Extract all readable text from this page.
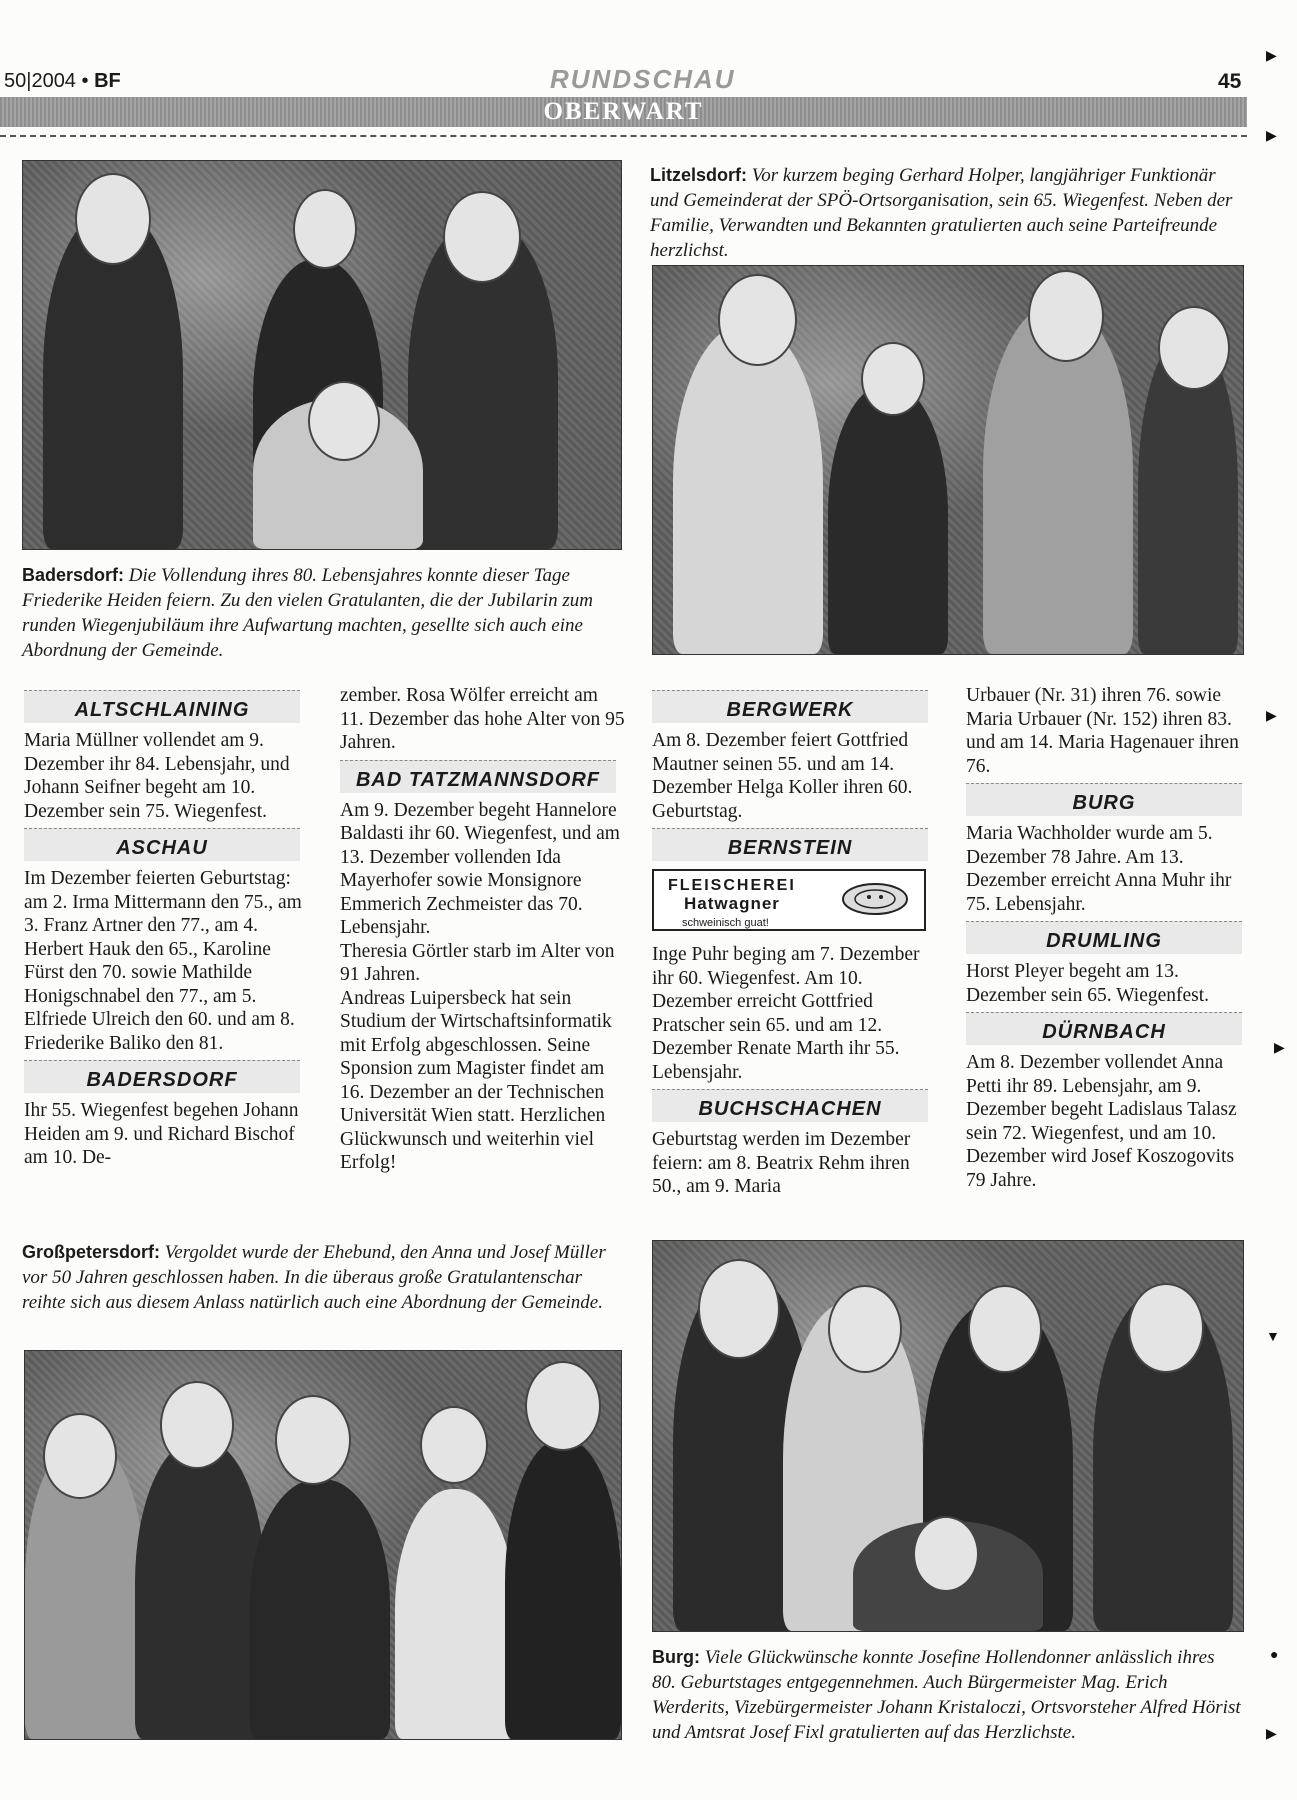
50|2004 • BF	RUNDSCHAU	45
OBERWART
Badersdorf: Die Vollendung ihres 80. Lebensjahres konnte dieser Tage Friederike Heiden feiern. Zu den vielen Gratulanten, die der Jubilarin zum runden Wiegenjubiläum ihre Aufwartung machten, gesellte sich auch eine Abordnung der Gemeinde.
Litzelsdorf: Vor kurzem beging Gerhard Holper, langjähriger Funktionär und Gemeinderat der SPÖ-Ortsorganisation, sein 65. Wiegenfest. Neben der Familie, Verwandten und Bekannten gratulierten auch seine Parteifreunde herzlichst.
ALTSCHLAINING

Maria Müllner vollendet am 9. Dezember ihr 84. Lebensjahr, und Johann Seifner begeht am 10. Dezember sein 75. Wiegenfest.

ASCHAU

Im Dezember feierten Geburtstag: am 2. Irma Mittermann den 75., am 3. Franz Artner den 77., am 4. Herbert Hauk den 65., Karoline Fürst den 70. sowie Mathilde Honigschnabel den 77., am 5. Elfriede Ulreich den 60. und am 8. Friederike Baliko den 81.

BADERSDORF

Ihr 55. Wiegenfest begehen Johann Heiden am 9. und Richard Bischof am 10. De-

zember. Rosa Wölfer erreicht am 11. Dezember das hohe Alter von 95 Jahren.

BAD TATZMANNSDORF

Am 9. Dezember begeht Hannelore Baldasti ihr 60. Wiegenfest, und am 13. Dezember vollenden Ida Mayerhofer sowie Monsignore Emmerich Zechmeister das 70. Lebensjahr.

Theresia Görtler starb im Alter von 91 Jahren.

Andreas Luipersbeck hat sein Studium der Wirtschaftsinformatik mit Erfolg abgeschlossen. Seine Sponsion zum Magister findet am 16. Dezember an der Technischen Universität Wien statt. Herzlichen Glückwunsch und weiterhin viel Erfolg!

BERGWERK

Am 8. Dezember feiert Gottfried Mautner seinen 55. und am 14. Dezember Helga Koller ihren 60. Geburtstag.

BERNSTEIN
FLEISCHEREI
Hatwagner
schweinisch guat!

Inge Puhr beging am 7. Dezember ihr 60. Wiegenfest. Am 10. Dezember erreicht Gottfried Pratscher sein 65. und am 12. Dezember Renate Marth ihr 55. Lebensjahr.

BUCHSCHACHEN

Geburtstag werden im Dezember feiern: am 8. Beatrix Rehm ihren 50., am 9. Maria

Urbauer (Nr. 31) ihren 76. sowie Maria Urbauer (Nr. 152) ihren 83. und am 14. Maria Hagenauer ihren 76.

BURG

Maria Wachholder wurde am 5. Dezember 78 Jahre. Am 13. Dezember erreicht Anna Muhr ihr 75. Lebensjahr.

DRUMLING

Horst Pleyer begeht am 13. Dezember sein 65. Wiegenfest.

DÜRNBACH

Am 8. Dezember vollendet Anna Petti ihr 89. Lebensjahr, am 9. Dezember begeht Ladislaus Talasz sein 72. Wiegenfest, und am 10. Dezember wird Josef Koszogovits 79 Jahre.

Großpetersdorf: Vergoldet wurde der Ehebund, den Anna und Josef Müller vor 50 Jahren geschlossen haben. In die überaus große Gratulantenschar reihte sich aus diesem Anlass natürlich auch eine Abordnung der Gemeinde.
Burg: Viele Glückwünsche konnte Josefine Hollendonner anlässlich ihres 80. Geburtstages entgegennehmen. Auch Bürgermeister Mag. Erich Werderits, Vizebürgermeister Johann Kristaloczi, Ortsvorsteher Alfred Hörist und Amtsrat Josef Fixl gratulierten auf das Herzlichste.
▶
▶
▶
▶
▼
●
▶
